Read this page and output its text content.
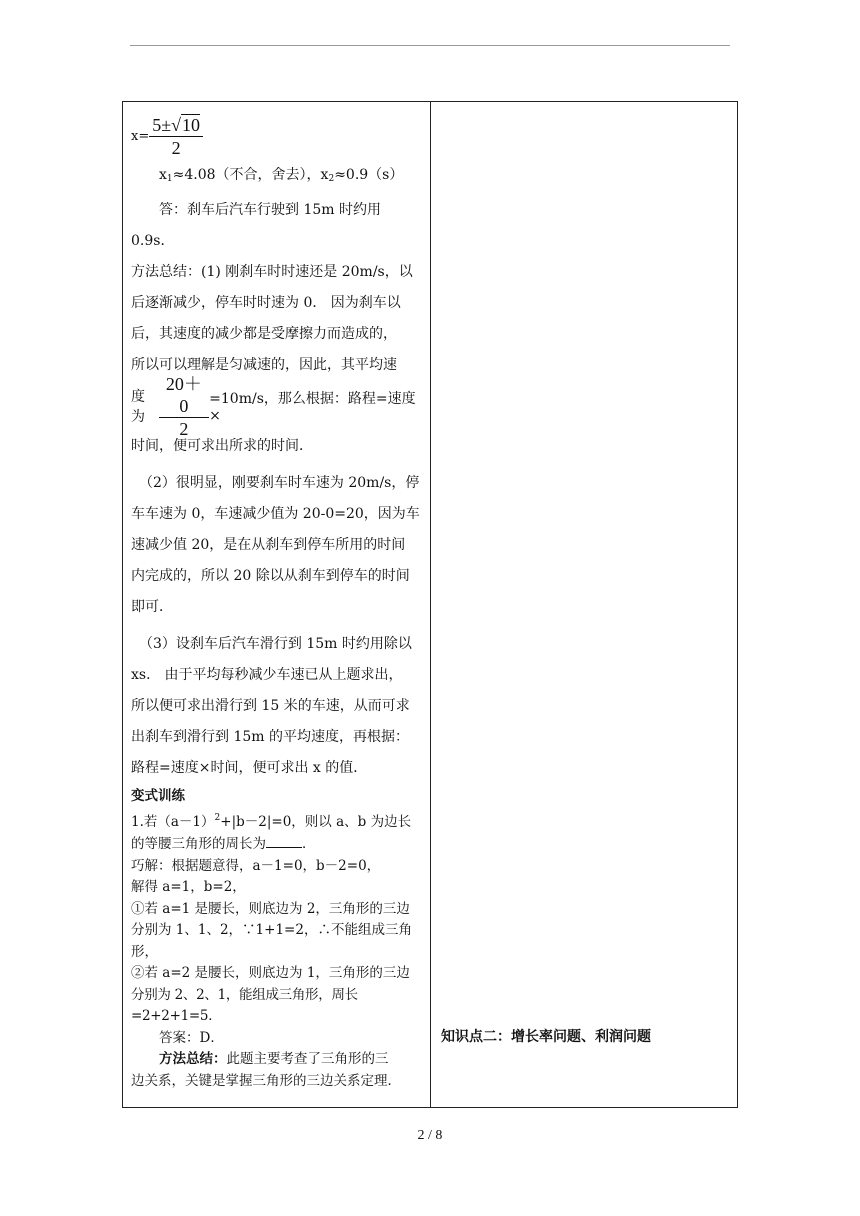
$x= \frac{5\pm√10}{2}$

$x_1\approx 4.08$（不合，舍去），$x_2\approx 0.9(s)$

答：刹车后汽车行驶到 15m 时约用 0.9s．

方法总结：(1) 刚刹车时时速还是 20m/s，以

后逐渐减少，停车时时速为 0． 因为刹车以

后，其速度的减少都是受摩擦力而造成的，

所以可以理解是匀减速的，因此，其平均速

度为 $\frac{20+0}{2} =10m/s$，那么根据：路程=速度×

时间，便可求出所求的时间．

（2）很明显，刚要刹车时车速为 20m/s，停

车车速为 0，车速减少值为 20-0=20，因为车

速减少值 20，是在从刹车到停车所用的时间

内完成的，所以 20 除以从刹车到停车的时间

即可．

（3）设刹车后汽车滑行到 15m 时约用除以

xs． 由于平均每秒减少车速已从上题求出，

所以便可求出滑行到 15 米的车速，从而可求

出刹车到滑行到 15m 的平均速度，再根据：

路程=速度×时间，便可求出 x 的值．

变式训练

1.若$(a-1)^2+|b-2|=0$，则以 a、b 为边长

的等腰三角形的周长为	．

巧解：根据题意得，a－1=0，b－2=0，

解得 a=1，b=2，

①若 a=1 是腰长，则底边为 2，三角形的三边

分别为 1、1、2，∵1+1=2，∴不能组成三角

形，

②若 a=2 是腰长，则底边为 1，三角形的三边

分别为 2、2、1，能组成三角形，周长=2+2+1=5．

答案：D．

方法总结：此题主要考查了三角形的三

边关系，关键是掌握三角形的三边关系定理．

知识点二：增长率问题、利润问题
2 / 8
